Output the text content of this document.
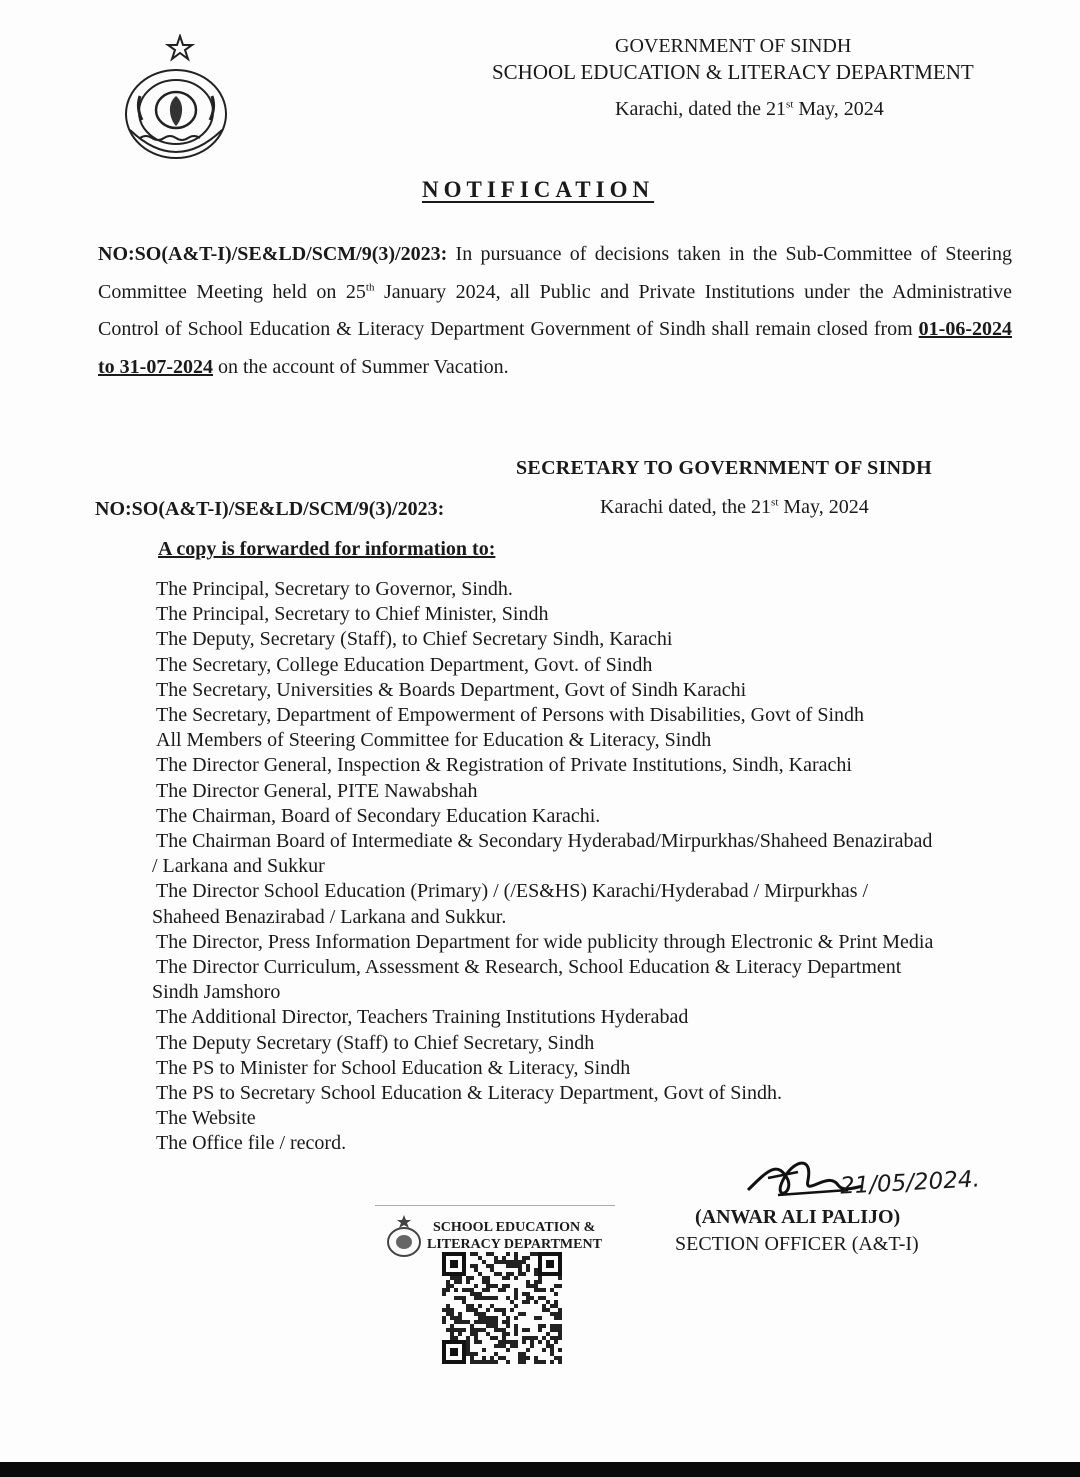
GOVERNMENT OF SINDH
SCHOOL EDUCATION & LITERACY DEPARTMENT
Karachi, dated the 21st May, 2024
NOTIFICATION
NO:SO(A&T-I)/SE&LD/SCM/9(3)/2023: In pursuance of decisions taken in the Sub-Committee of Steering Committee Meeting held on 25th January 2024, all Public and Private Institutions under the Administrative Control of School Education & Literacy Department Government of Sindh shall remain closed from 01-06-2024 to 31-07-2024 on the account of Summer Vacation.
SECRETARY TO GOVERNMENT OF SINDH
NO:SO(A&T-I)/SE&LD/SCM/9(3)/2023:	Karachi dated, the 21st May, 2024
A copy is forwarded for information to:
The Principal, Secretary to Governor, Sindh.
The Principal, Secretary to Chief Minister, Sindh
The Deputy, Secretary (Staff), to Chief Secretary Sindh, Karachi
The Secretary, College Education Department, Govt. of Sindh
The Secretary, Universities & Boards Department, Govt of Sindh Karachi
The Secretary, Department of Empowerment of Persons with Disabilities, Govt of Sindh
All Members of Steering Committee for Education & Literacy, Sindh
The Director General, Inspection & Registration of Private Institutions, Sindh, Karachi
The Director General, PITE Nawabshah
The Chairman, Board of Secondary Education Karachi.
The Chairman Board of Intermediate & Secondary Hyderabad/Mirpurkhas/Shaheed Benazirabad
/ Larkana and Sukkur
The Director School Education (Primary) / (/ES&HS) Karachi/Hyderabad / Mirpurkhas /
Shaheed Benazirabad / Larkana and Sukkur.
The Director, Press Information Department for wide publicity through Electronic & Print Media
The Director Curriculum, Assessment & Research, School Education & Literacy Department
Sindh Jamshoro
The Additional Director, Teachers Training Institutions Hyderabad
The Deputy Secretary (Staff) to Chief Secretary, Sindh
The PS to Minister for School Education & Literacy, Sindh
The PS to Secretary School Education & Literacy Department, Govt of Sindh.
The Website
The Office file / record.
21/05/2024.
(ANWAR ALI PALIJO)
SECTION OFFICER (A&T-I)
SCHOOL EDUCATION &
LITERACY DEPARTMENT
